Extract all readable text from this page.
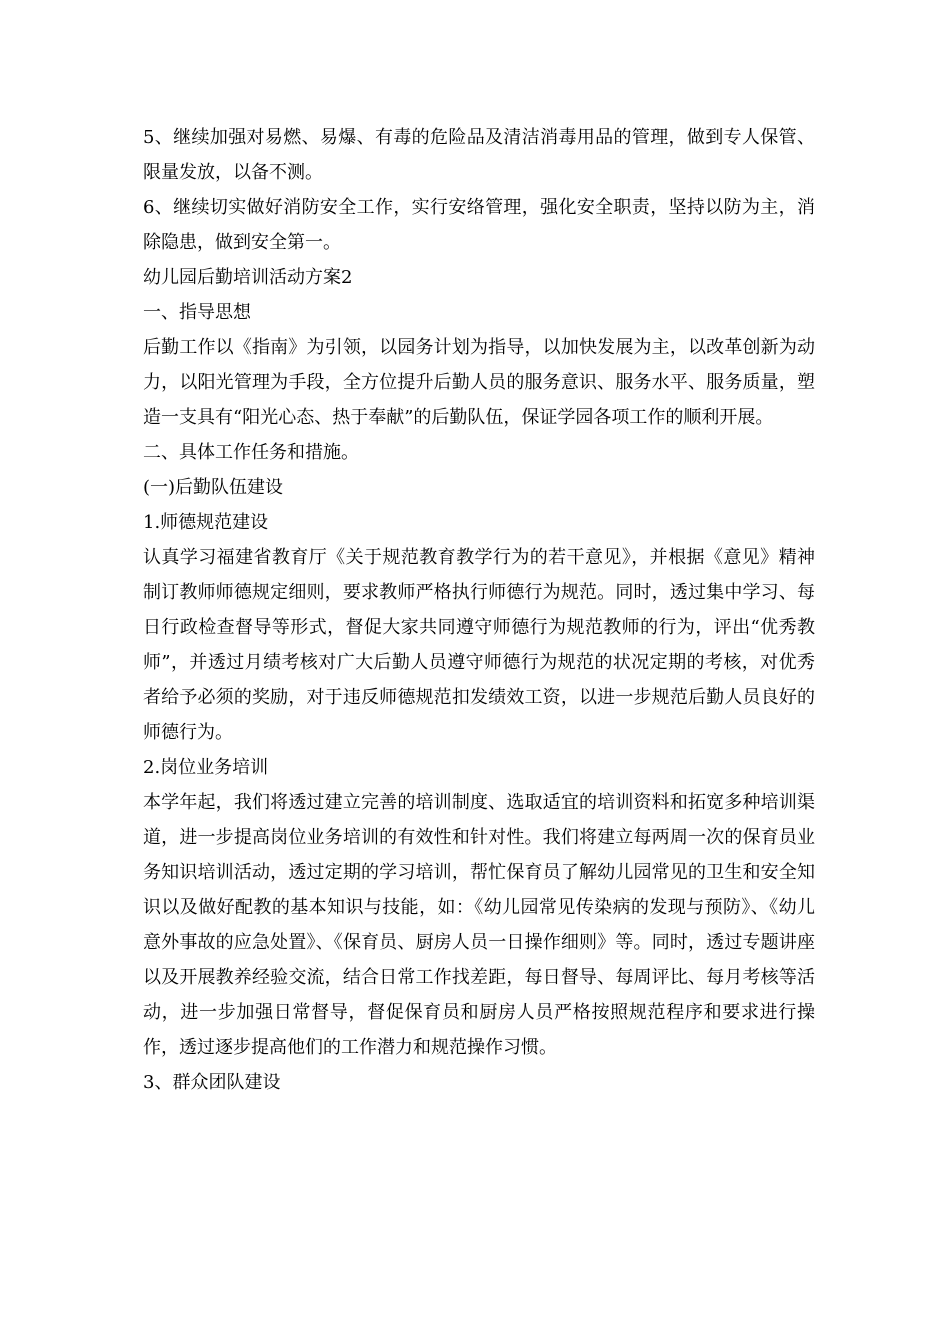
5、继续加强对易燃、易爆、有毒的危险品及清洁消毒用品的管理，做到专人保管、限量发放，以备不测。

6、继续切实做好消防安全工作，实行安络管理，强化安全职责，坚持以防为主，消除隐患，做到安全第一。

幼儿园后勤培训活动方案2

一、指导思想

后勤工作以《指南》为引领，以园务计划为指导，以加快发展为主，以改革创新为动力，以阳光管理为手段，全方位提升后勤人员的服务意识、服务水平、服务质量，塑造一支具有“阳光心态、热于奉献”的后勤队伍，保证学园各项工作的顺利开展。

二、具体工作任务和措施。

(一)后勤队伍建设

1.师德规范建设

认真学习福建省教育厅《关于规范教育教学行为的若干意见》，并根据《意见》精神制订教师师德规定细则，要求教师严格执行师德行为规范。同时，透过集中学习、每日行政检查督导等形式，督促大家共同遵守师德行为规范教师的行为，评出“优秀教师”，并透过月绩考核对广大后勤人员遵守师德行为规范的状况定期的考核，对优秀者给予必须的奖励，对于违反师德规范扣发绩效工资，以进一步规范后勤人员良好的师德行为。

2.岗位业务培训

本学年起，我们将透过建立完善的培训制度、选取适宜的培训资料和拓宽多种培训渠道，进一步提高岗位业务培训的有效性和针对性。我们将建立每两周一次的保育员业务知识培训活动，透过定期的学习培训，帮忙保育员了解幼儿园常见的卫生和安全知识以及做好配教的基本知识与技能，如：《幼儿园常见传染病的发现与预防》、《幼儿意外事故的应急处置》、《保育员、厨房人员一日操作细则》等。同时，透过专题讲座以及开展教养经验交流，结合日常工作找差距，每日督导、每周评比、每月考核等活动，进一步加强日常督导，督促保育员和厨房人员严格按照规范程序和要求进行操作，透过逐步提高他们的工作潜力和规范操作习惯。

3、群众团队建设
